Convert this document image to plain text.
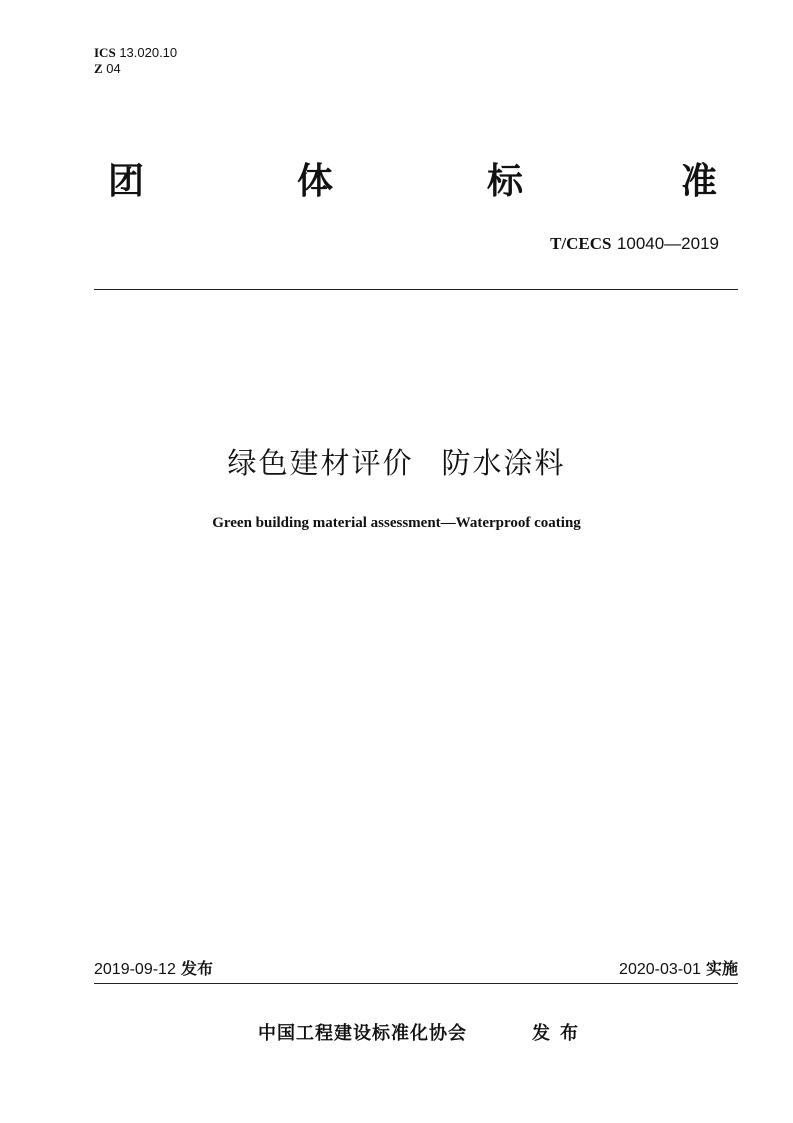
ICS 13.020.10
Z 04
团	体	标	准
T/CECS 10040—2019
绿色建材评价 防水涂料
Green building material assessment—Waterproof coating
2019-09-12 发布	2020-03-01 实施
中国工程建设标准化协会	发布
